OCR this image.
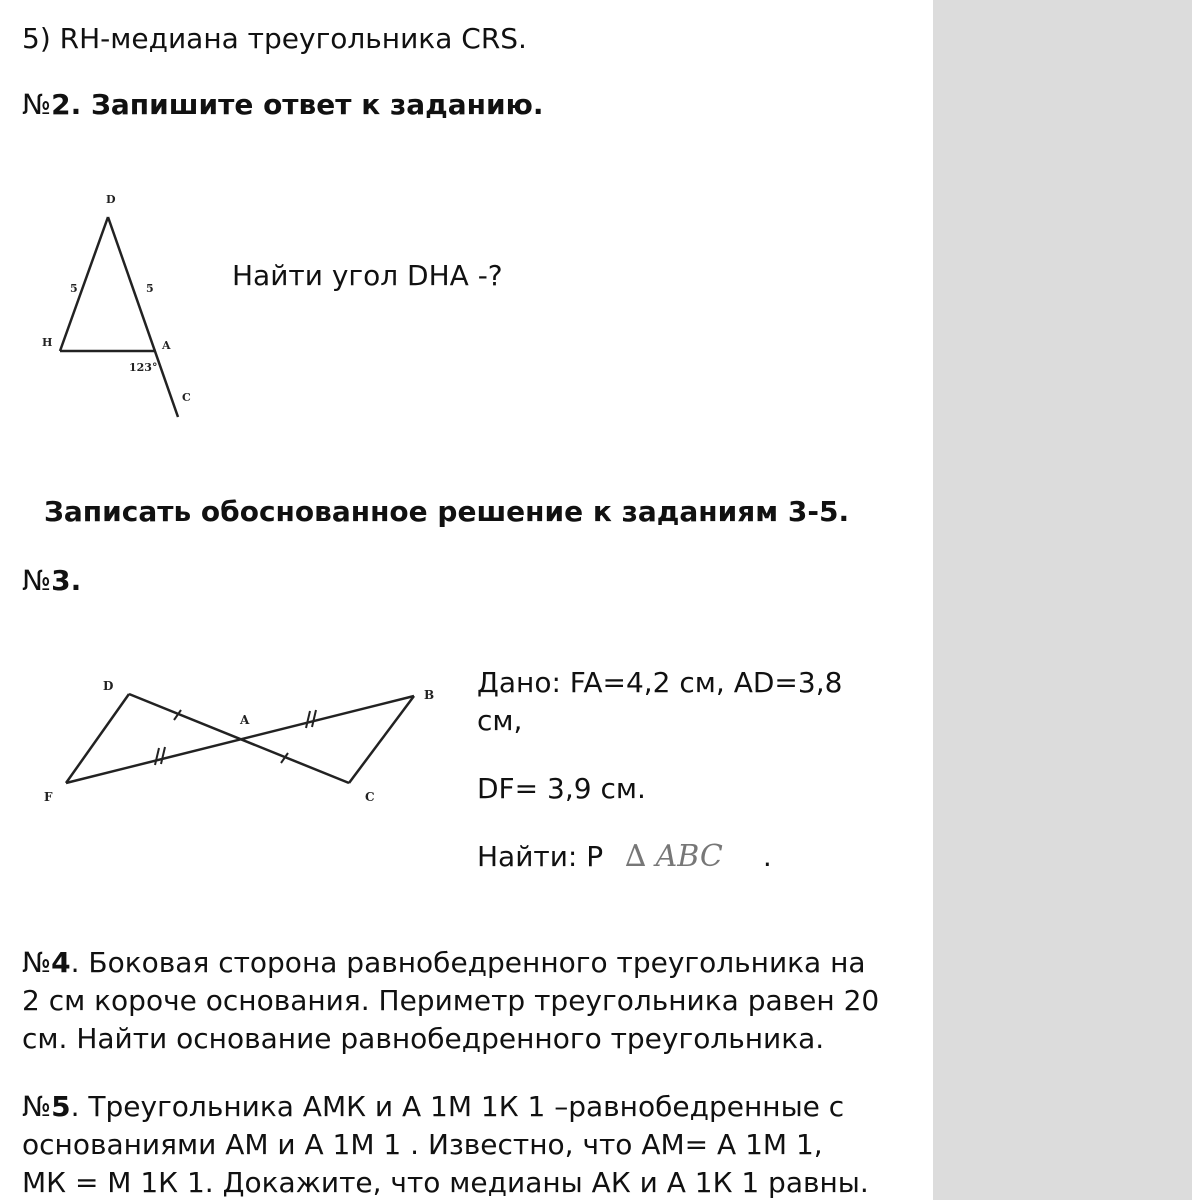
5) RH-медиана треугольника CRS.
№2. Запишите ответ к заданию.
D
H	A
C
5	5
123°
Найти угол DHA -?
Записать обоснованное решение к заданиям 3-5.
№3.
D
A
B
F	C
Дано: FA=4,2 см, AD=3,8
см,
DF= 3,9 см.
Найти: Р ∆ ABC .
№4. Боковая сторона равнобедренного треугольника на
2 см короче основания. Периметр треугольника равен 20
см. Найти основание равнобедренного треугольника.
№5. Треугольника АМК и А 1М 1К 1 –равнобедренные с
основаниями АМ и А 1М 1 . Известно, что АМ= А 1М 1,
МК = М 1К 1. Докажите, что медианы АК и А 1К 1 равны.
